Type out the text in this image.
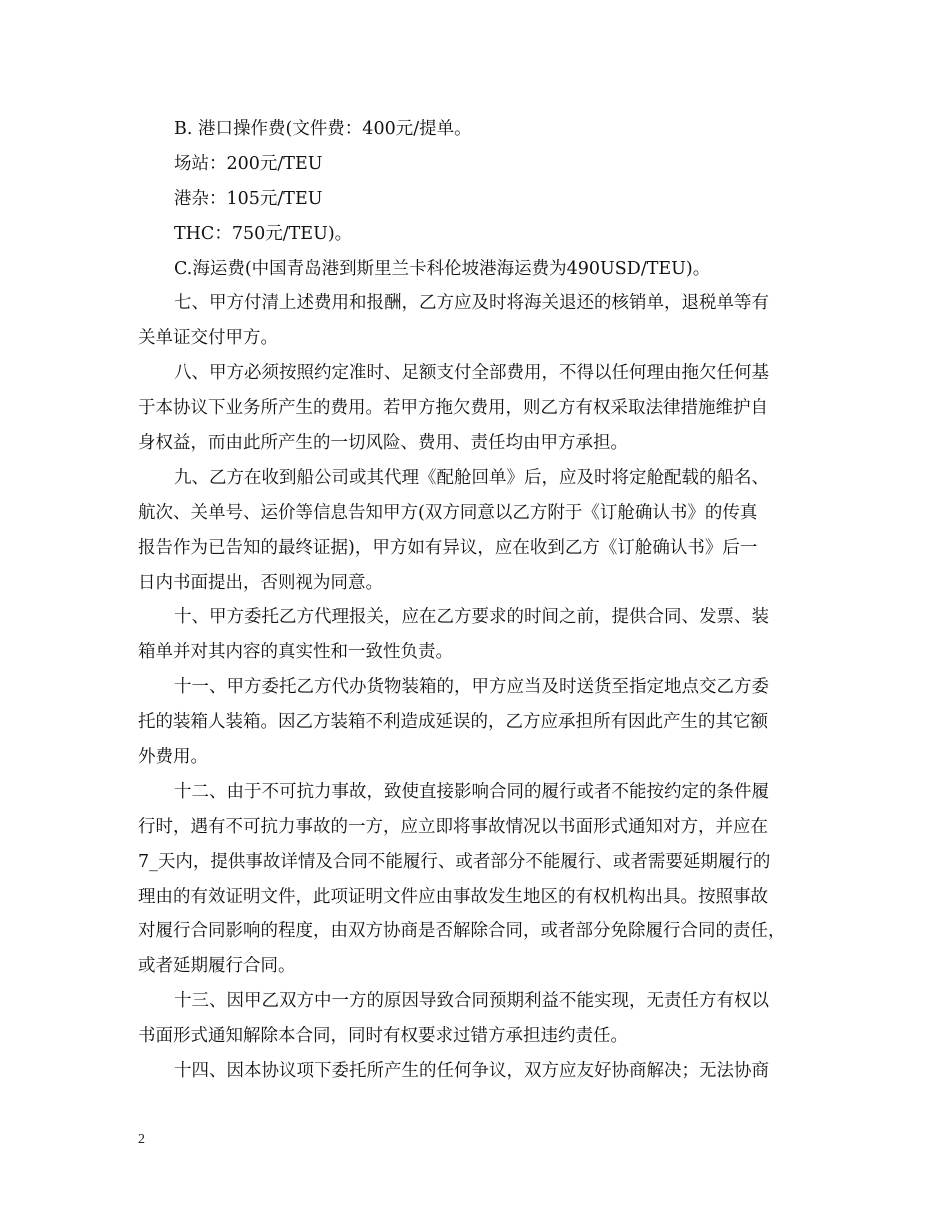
B. 港口操作费(文件费：400元/提单。
场站：200元/TEU
港杂：105元/TEU
THC：750元/TEU)。
C.海运费(中国青岛港到斯里兰卡科伦坡港海运费为490USD/TEU)。
七、甲方付清上述费用和报酬，乙方应及时将海关退还的核销单，退税单等有
关单证交付甲方。
八、甲方必须按照约定准时、足额支付全部费用，不得以任何理由拖欠任何基
于本协议下业务所产生的费用。若甲方拖欠费用，则乙方有权采取法律措施维护自
身权益，而由此所产生的一切风险、费用、责任均由甲方承担。
九、乙方在收到船公司或其代理《配舱回单》后，应及时将定舱配载的船名、
航次、关单号、运价等信息告知甲方(双方同意以乙方附于《订舱确认书》的传真
报告作为已告知的最终证据)，甲方如有异议，应在收到乙方《订舱确认书》后一
日内书面提出，否则视为同意。
十、甲方委托乙方代理报关，应在乙方要求的时间之前，提供合同、发票、装
箱单并对其内容的真实性和一致性负责。
十一、甲方委托乙方代办货物装箱的，甲方应当及时送货至指定地点交乙方委
托的装箱人装箱。因乙方装箱不利造成延误的，乙方应承担所有因此产生的其它额
外费用。
十二、由于不可抗力事故，致使直接影响合同的履行或者不能按约定的条件履
行时，遇有不可抗力事故的一方，应立即将事故情况以书面形式通知对方，并应在
7_天内，提供事故详情及合同不能履行、或者部分不能履行、或者需要延期履行的
理由的有效证明文件，此项证明文件应由事故发生地区的有权机构出具。按照事故
对履行合同影响的程度，由双方协商是否解除合同，或者部分免除履行合同的责任，
或者延期履行合同。
十三、因甲乙双方中一方的原因导致合同预期利益不能实现，无责任方有权以
书面形式通知解除本合同，同时有权要求过错方承担违约责任。
十四、因本协议项下委托所产生的任何争议，双方应友好协商解决；无法协商
2
